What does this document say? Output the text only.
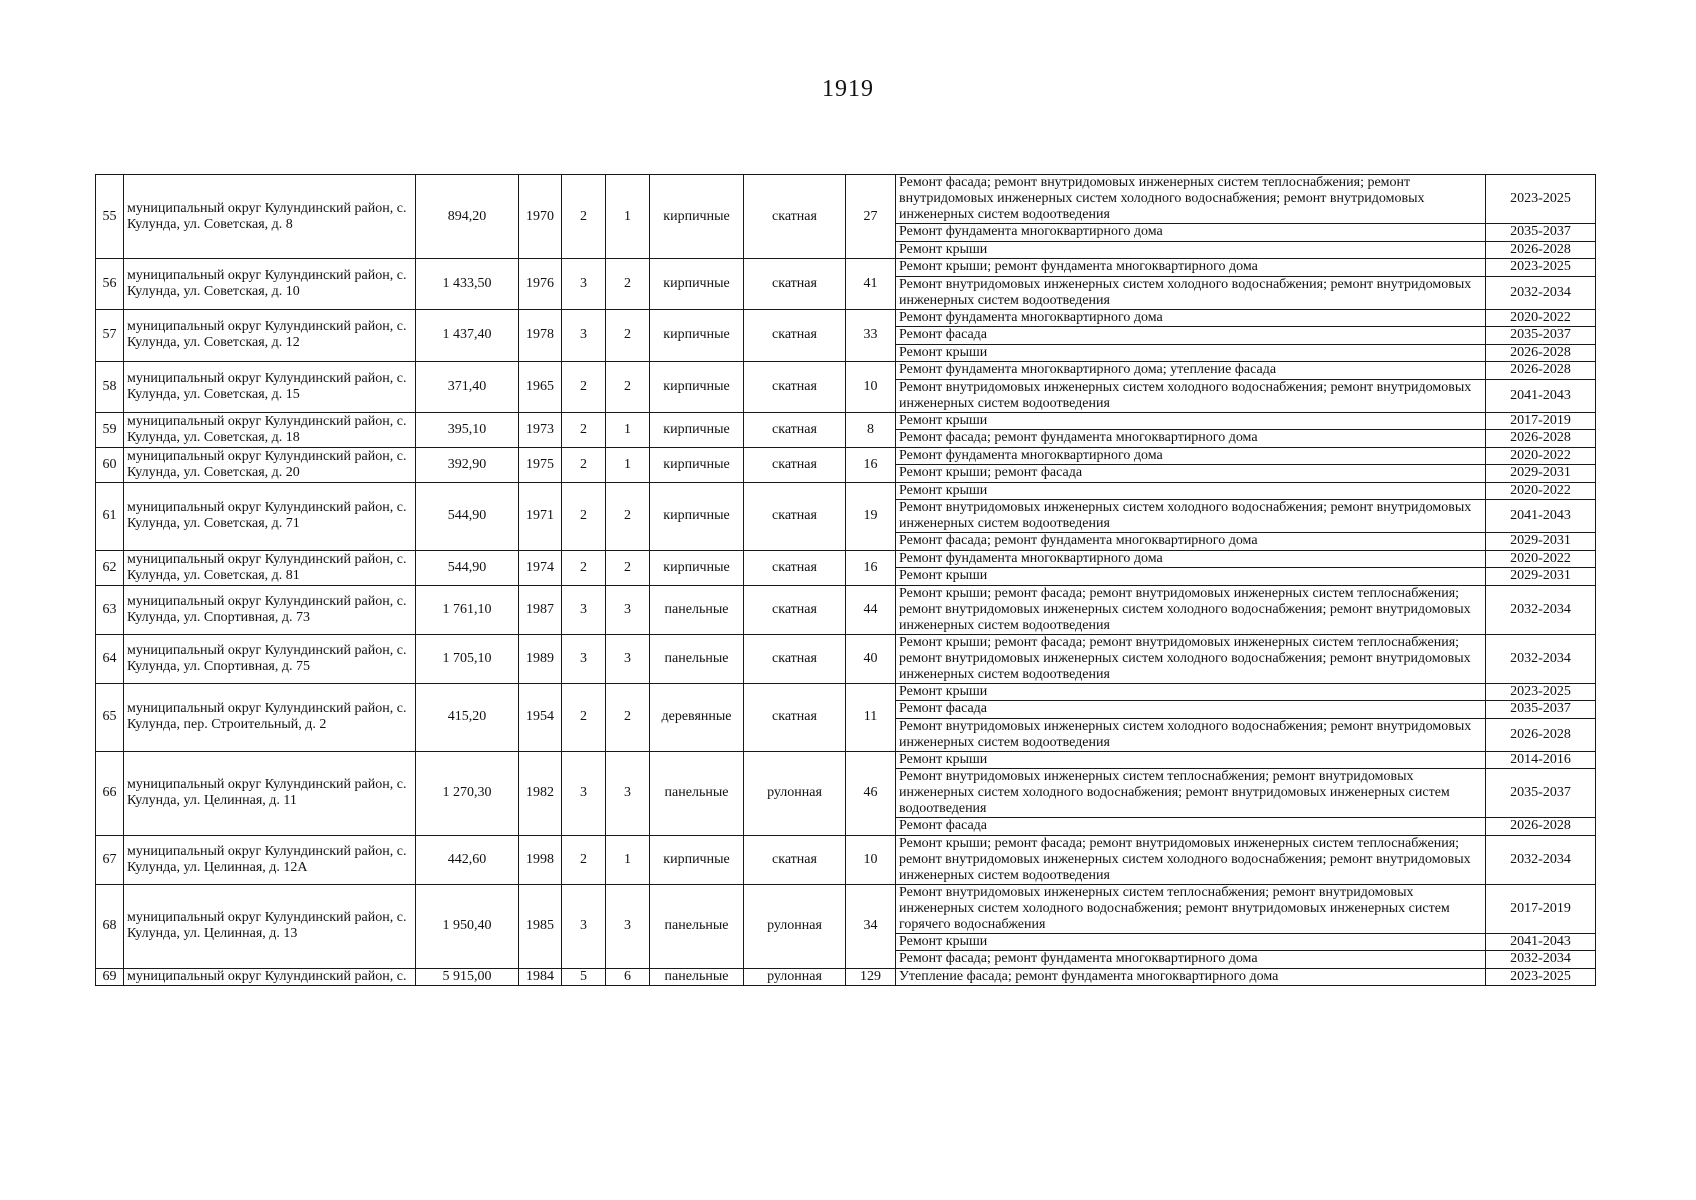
1919
55	муниципальный округ Кулундинский район, с. Кулунда, ул. Советская, д. 8	894,20	1970	2	1	кирпичные	скатная	27	Ремонт фасада; ремонт внутридомовых инженерных систем теплоснабжения; ремонт внутридомовых инженерных систем холодного водоснабжения; ремонт внутридомовых инженерных систем водоотведения	2023-2025
									Ремонт фундамента многоквартирного дома	2035-2037
									Ремонт крыши	2026-2028
56	муниципальный округ Кулундинский район, с. Кулунда, ул. Советская, д. 10	1 433,50	1976	3	2	кирпичные	скатная	41	Ремонт крыши; ремонт фундамента многоквартирного дома	2023-2025
									Ремонт внутридомовых инженерных систем холодного водоснабжения; ремонт внутридомовых инженерных систем водоотведения	2032-2034
57	муниципальный округ Кулундинский район, с. Кулунда, ул. Советская, д. 12	1 437,40	1978	3	2	кирпичные	скатная	33	Ремонт фундамента многоквартирного дома	2020-2022
									Ремонт фасада	2035-2037
									Ремонт крыши	2026-2028
58	муниципальный округ Кулундинский район, с. Кулунда, ул. Советская, д. 15	371,40	1965	2	2	кирпичные	скатная	10	Ремонт фундамента многоквартирного дома; утепление фасада	2026-2028
									Ремонт внутридомовых инженерных систем холодного водоснабжения; ремонт внутридомовых инженерных систем водоотведения	2041-2043
59	муниципальный округ Кулундинский район, с. Кулунда, ул. Советская, д. 18	395,10	1973	2	1	кирпичные	скатная	8	Ремонт крыши	2017-2019
									Ремонт фасада; ремонт фундамента многоквартирного дома	2026-2028
60	муниципальный округ Кулундинский район, с. Кулунда, ул. Советская, д. 20	392,90	1975	2	1	кирпичные	скатная	16	Ремонт фундамента многоквартирного дома	2020-2022
									Ремонт крыши; ремонт фасада	2029-2031
61	муниципальный округ Кулундинский район, с. Кулунда, ул. Советская, д. 71	544,90	1971	2	2	кирпичные	скатная	19	Ремонт крыши	2020-2022
									Ремонт внутридомовых инженерных систем холодного водоснабжения; ремонт внутридомовых инженерных систем водоотведения	2041-2043
									Ремонт фасада; ремонт фундамента многоквартирного дома	2029-2031
62	муниципальный округ Кулундинский район, с. Кулунда, ул. Советская, д. 81	544,90	1974	2	2	кирпичные	скатная	16	Ремонт фундамента многоквартирного дома	2020-2022
									Ремонт крыши	2029-2031
63	муниципальный округ Кулундинский район, с. Кулунда, ул. Спортивная, д. 73	1 761,10	1987	3	3	панельные	скатная	44	Ремонт крыши; ремонт фасада; ремонт внутридомовых инженерных систем теплоснабжения; ремонт внутридомовых инженерных систем холодного водоснабжения; ремонт внутридомовых инженерных систем водоотведения	2032-2034
64	муниципальный округ Кулундинский район, с. Кулунда, ул. Спортивная, д. 75	1 705,10	1989	3	3	панельные	скатная	40	Ремонт крыши; ремонт фасада; ремонт внутридомовых инженерных систем теплоснабжения; ремонт внутридомовых инженерных систем холодного водоснабжения; ремонт внутридомовых инженерных систем водоотведения	2032-2034
65	муниципальный округ Кулундинский район, с. Кулунда, пер. Строительный, д. 2	415,20	1954	2	2	деревянные	скатная	11	Ремонт крыши	2023-2025
									Ремонт фасада	2035-2037
									Ремонт внутридомовых инженерных систем холодного водоснабжения; ремонт внутридомовых инженерных систем водоотведения	2026-2028
66	муниципальный округ Кулундинский район, с. Кулунда, ул. Целинная, д. 11	1 270,30	1982	3	3	панельные	рулонная	46	Ремонт крыши	2014-2016
									Ремонт внутридомовых инженерных систем теплоснабжения; ремонт внутридомовых инженерных систем холодного водоснабжения; ремонт внутридомовых инженерных систем водоотведения	2035-2037
									Ремонт фасада	2026-2028
67	муниципальный округ Кулундинский район, с. Кулунда, ул. Целинная, д. 12А	442,60	1998	2	1	кирпичные	скатная	10	Ремонт крыши; ремонт фасада; ремонт внутридомовых инженерных систем теплоснабжения; ремонт внутридомовых инженерных систем холодного водоснабжения; ремонт внутридомовых инженерных систем водоотведения	2032-2034
68	муниципальный округ Кулундинский район, с. Кулунда, ул. Целинная, д. 13	1 950,40	1985	3	3	панельные	рулонная	34	Ремонт внутридомовых инженерных систем теплоснабжения; ремонт внутридомовых инженерных систем холодного водоснабжения; ремонт внутридомовых инженерных систем горячего водоснабжения	2017-2019
									Ремонт крыши	2041-2043
									Ремонт фасада; ремонт фундамента многоквартирного дома	2032-2034
69	муниципальный округ Кулундинский район, с.	5 915,00	1984	5	6	панельные	рулонная	129	Утепление фасада; ремонт фундамента многоквартирного дома	2023-2025
